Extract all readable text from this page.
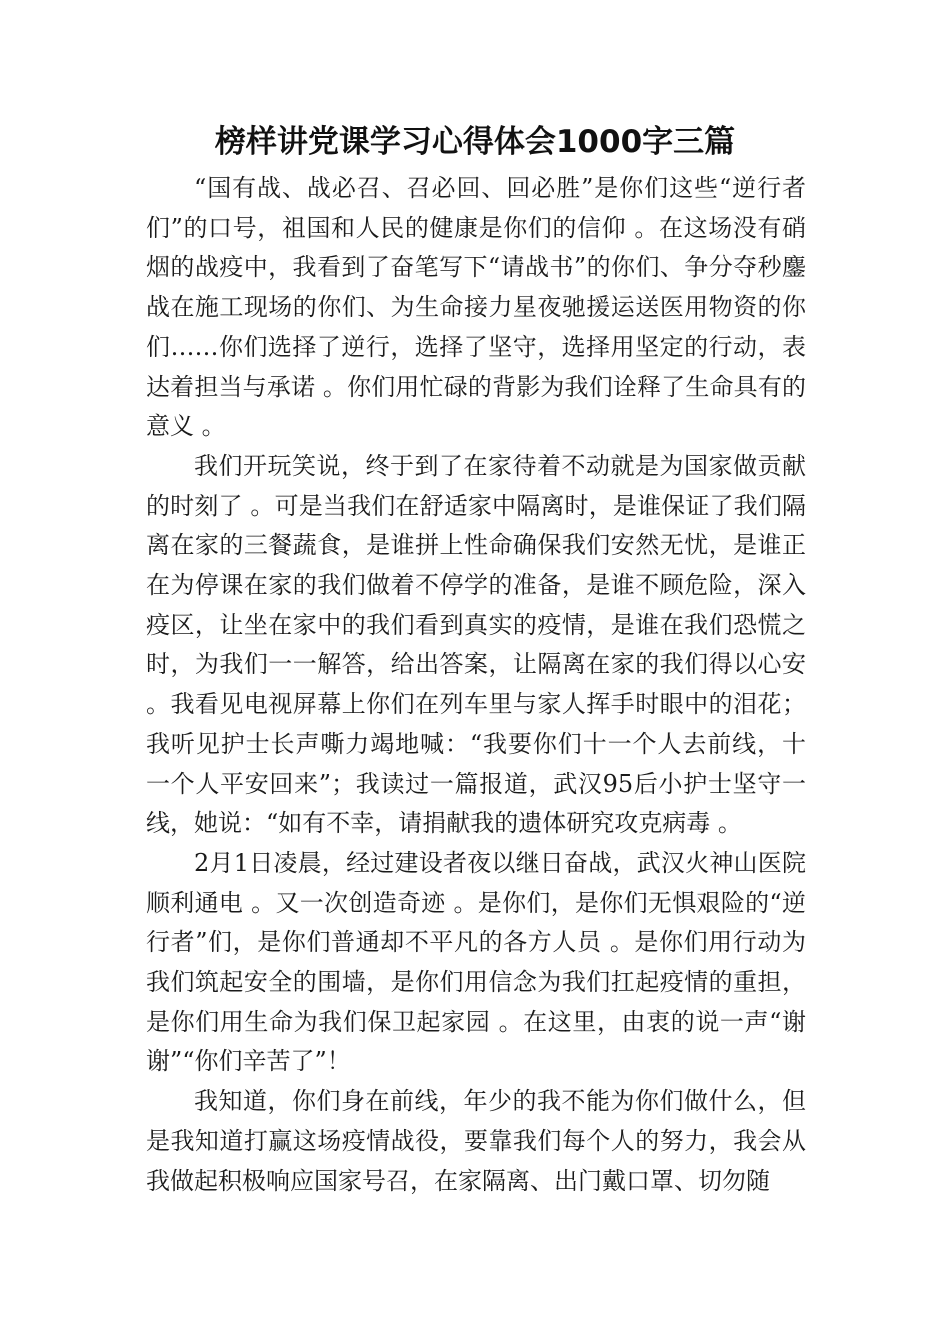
榜样讲党课学习心得体会1000字三篇

“国有战、战必召、召必回、回必胜”是你们这些“逆行者们”的口号，祖国和人民的健康是你们的信仰 。在这场没有硝烟的战疫中，我看到了奋笔写下“请战书”的你们、争分夺秒鏖战在施工现场的你们、为生命接力星夜驰援运送医用物资的你们……你们选择了逆行，选择了坚守，选择用坚定的行动，表达着担当与承诺 。你们用忙碌的背影为我们诠释了生命具有的意义 。

我们开玩笑说，终于到了在家待着不动就是为国家做贡献的时刻了 。可是当我们在舒适家中隔离时，是谁保证了我们隔离在家的三餐蔬食，是谁拼上性命确保我们安然无忧，是谁正在为停课在家的我们做着不停学的准备，是谁不顾危险，深入疫区，让坐在家中的我们看到真实的疫情，是谁在我们恐慌之时，为我们一一解答，给出答案，让隔离在家的我们得以心安 。我看见电视屏幕上你们在列车里与家人挥手时眼中的泪花；我听见护士长声嘶力竭地喊：“我要你们十一个人去前线，十一个人平安回来”；我读过一篇报道，武汉95后小护士坚守一线，她说：“如有不幸，请捐献我的遗体研究攻克病毒 。

2月1日凌晨，经过建设者夜以继日奋战，武汉火神山医院顺利通电 。又一次创造奇迹 。是你们，是你们无惧艰险的“逆行者”们，是你们普通却不平凡的各方人员 。是你们用行动为我们筑起安全的围墙，是你们用信念为我们扛起疫情的重担，是你们用生命为我们保卫起家园 。在这里，由衷的说一声“谢谢”“你们辛苦了”！

我知道，你们身在前线，年少的我不能为你们做什么，但是我知道打赢这场疫情战役，要靠我们每个人的努力，我会从我做起积极响应国家号召，在家隔离、出门戴口罩、切勿随
